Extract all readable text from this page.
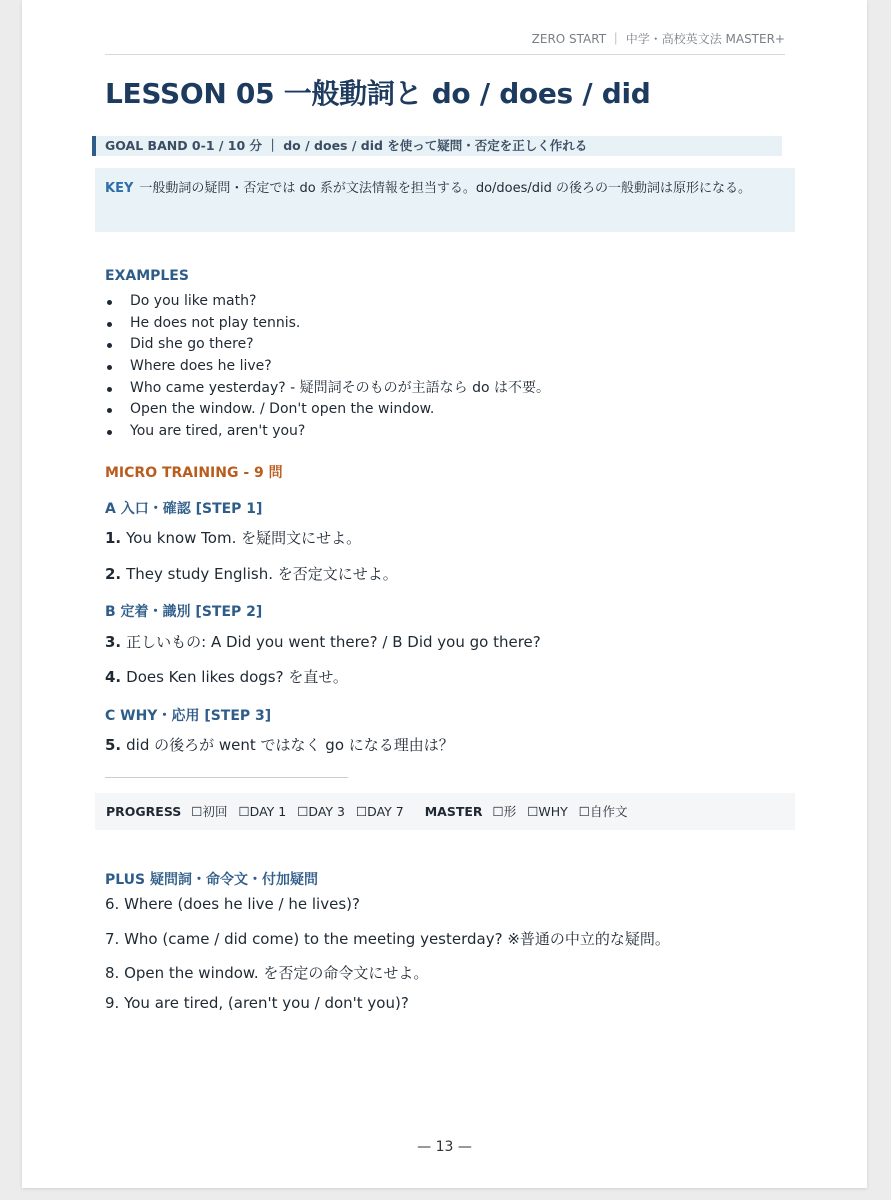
ZERO START ｜ 中学・高校英文法 MASTER+
LESSON 05 一般動詞と do / does / did
GOAL BAND 0-1 / 10 分 ｜ do / does / did を使って疑問・否定を正しく作れる
KEY 一般動詞の疑問・否定では do 系が文法情報を担当する。do/does/did の後ろの一般動詞は原形になる。
EXAMPLES
Do you like math?
He does not play tennis.
Did she go there?
Where does he live?
Who came yesterday? - 疑問詞そのものが主語なら do は不要。
Open the window. / Don't open the window.
You are tired, aren't you?
MICRO TRAINING - 9 問
A 入口・確認 [STEP 1]

1. You know Tom. を疑問文にせよ。

2. They study English. を否定文にせよ。

B 定着・識別 [STEP 2]

3. 正しいもの: A Did you went there? / B Did you go there?

4. Does Ken likes dogs? を直せ。

C WHY・応用 [STEP 3]

5. did の後ろが went ではなく go になる理由は？

PROGRESS ☐初回 ☐DAY 1 ☐DAY 3 ☐DAY 7 MASTER ☐形 ☐WHY ☐自作文
PLUS 疑問詞・命令文・付加疑問

6. Where (does he live / he lives)?

7. Who (came / did come) to the meeting yesterday? ※普通の中立的な疑問。

8. Open the window. を否定の命令文にせよ。

9. You are tired, (aren't you / don't you)?

— 13 —
